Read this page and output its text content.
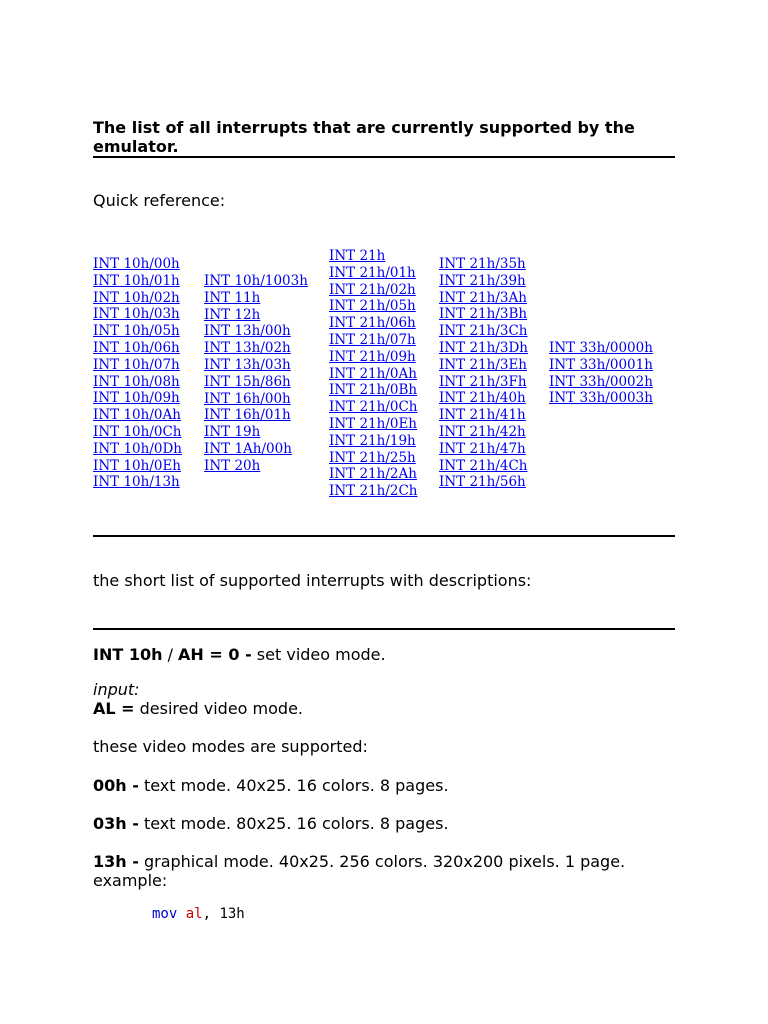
The list of all interrupts that are currently supported by the emulator.

Quick reference:

INT 10h/00h
INT 10h/01h
INT 10h/02h
INT 10h/03h
INT 10h/05h
INT 10h/06h
INT 10h/07h
INT 10h/08h
INT 10h/09h
INT 10h/0Ah
INT 10h/0Ch
INT 10h/0Dh
INT 10h/0Eh
INT 10h/13h
INT 10h/1003h
INT 11h
INT 12h
INT 13h/00h
INT 13h/02h
INT 13h/03h
INT 15h/86h
INT 16h/00h
INT 16h/01h
INT 19h
INT 1Ah/00h
INT 20h
INT 21h
INT 21h/01h
INT 21h/02h
INT 21h/05h
INT 21h/06h
INT 21h/07h
INT 21h/09h
INT 21h/0Ah
INT 21h/0Bh
INT 21h/0Ch
INT 21h/0Eh
INT 21h/19h
INT 21h/25h
INT 21h/2Ah
INT 21h/2Ch
INT 21h/35h
INT 21h/39h
INT 21h/3Ah
INT 21h/3Bh
INT 21h/3Ch
INT 21h/3Dh
INT 21h/3Eh
INT 21h/3Fh
INT 21h/40h
INT 21h/41h
INT 21h/42h
INT 21h/47h
INT 21h/4Ch
INT 21h/56h
INT 33h/0000h
INT 33h/0001h
INT 33h/0002h
INT 33h/0003h

the short list of supported interrupts with descriptions:

INT 10h / AH = 0 - set video mode.

input:

AL = desired video mode.

these video modes are supported:

00h - text mode. 40x25. 16 colors. 8 pages.

03h - text mode. 80x25. 16 colors. 8 pages.

13h - graphical mode. 40x25. 256 colors. 320x200 pixels. 1 page.

example:

mov al, 13h
